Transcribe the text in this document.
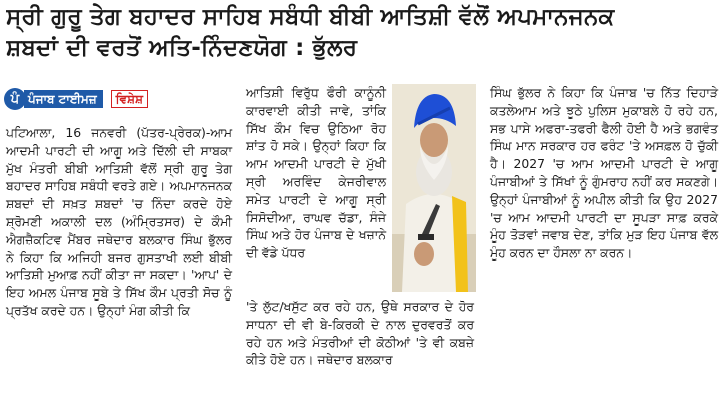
ਸ੍ਰੀ ਗੁਰੂ ਤੇਗ ਬਹਾਦਰ ਸਾਹਿਬ ਸਬੰਧੀ ਬੀਬੀ ਆਤਿਸ਼ੀ ਵੱਲੋਂ ਅਪਮਾਨਜਨਕ
ਸ਼ਬਦਾਂ ਦੀ ਵਰਤੋਂ ਅਤਿ-ਨਿੰਦਣਯੋਗ : ਭੁੱਲਰ
ਪੰ ਪੰਜਾਬ ਟਾਈਮਜ਼	ਵਿਸ਼ੇਸ਼

ਪਟਿਆਲਾ, 16 ਜਨਵਰੀ (ਪੱਤਰ-ਪ੍ਰੇਰਕ)-ਆਮ ਆਦਮੀ ਪਾਰਟੀ ਦੀ ਆਗੂ ਅਤੇ ਦਿੱਲੀ ਦੀ ਸਾਬਕਾ ਮੁੱਖ ਮੰਤਰੀ ਬੀਬੀ ਆਤਿਸ਼ੀ ਵੱਲੋਂ ਸ੍ਰੀ ਗੁਰੂ ਤੇਗ ਬਹਾਦਰ ਸਾਹਿਬ ਸਬੰਧੀ ਵਰਤੇ ਗਏ। ਅਪਮਾਨਜਨਕ ਸ਼ਬਦਾਂ ਦੀ ਸਖ਼ਤ ਸ਼ਬਦਾਂ 'ਚ ਨਿੰਦਾ ਕਰਦੇ ਹੋਏ ਸ਼੍ਰੋਮਣੀ ਅਕਾਲੀ ਦਲ (ਅੰਮ੍ਰਿਤਸਰ) ਦੇ ਕੌਮੀ ਐਗਜ਼ੈਕਟਿਵ ਮੈਂਬਰ ਜਥੇਦਾਰ ਬਲਕਾਰ ਸਿੰਘ ਭੁੱਲਰ ਨੇ ਕਿਹਾ ਕਿ ਅਜਿਹੀ ਬਜਰ ਗੁਸਤਾਖੀ ਲਈ ਬੀਬੀ ਆਤਿਸ਼ੀ ਮੁਆਫ਼ ਨਹੀਂ ਕੀਤਾ ਜਾ ਸਕਦਾ। 'ਆਪ' ਦੇ ਇਹ ਅਮਲ ਪੰਜਾਬ ਸੂਬੇ ਤੇ ਸਿੱਖ ਕੌਮ ਪ੍ਰਤੀ ਸੋਚ ਨੂੰ ਪ੍ਰਤੱਖ ਕਰਦੇ ਹਨ। ਉਨ੍ਹਾਂ ਮੰਗ ਕੀਤੀ ਕਿ

ਆਤਿਸ਼ੀ ਵਿਰੁੱਧ ਫੌਰੀ ਕਾਨੂੰਨੀ ਕਾਰਵਾਈ ਕੀਤੀ ਜਾਵੇ, ਤਾਂਕਿ ਸਿੱਖ ਕੌਮ ਵਿਚ ਉਠਿਆ ਰੋਹ ਸ਼ਾਂਤ ਹੋ ਸਕੇ। ਉਨ੍ਹਾਂ ਕਿਹਾ ਕਿ ਆਮ ਆਦਮੀ ਪਾਰਟੀ ਦੇ ਮੁੱਖੀ ਸ੍ਰੀ ਅਰਵਿੰਦ ਕੇਜਰੀਵਾਲ ਸਮੇਤ ਪਾਰਟੀ ਦੇ ਆਗੂ ਸ੍ਰੀ ਸਿਸੋਦੀਆ, ਰਾਘਵ ਚੱਡਾ, ਸੰਜੇ ਸਿੰਘ ਅਤੇ ਹੋਰ ਪੰਜਾਬ ਦੇ ਖਜ਼ਾਨੇ ਦੀ ਵੱਡੇ ਪੱਧਰ

'ਤੇ ਲੁੱਟ/ਖਸੁੱਟ ਕਰ ਰਹੇ ਹਨ, ਉਥੇ ਸਰਕਾਰ ਦੇ ਹੋਰ ਸਾਧਨਾ ਦੀ ਵੀ ਬੇ-ਕਿਰਕੀ ਦੇ ਨਾਲ ਦੁਰਵਰਤੋਂ ਕਰ ਰਹੇ ਹਨ ਅਤੇ ਮੰਤਰੀਆਂ ਦੀ ਕੋਠੀਆਂ 'ਤੇ ਵੀ ਕਬਜ਼ੇ ਕੀਤੇ ਹੋਏ ਹਨ। ਜਥੇਦਾਰ ਬਲਕਾਰ

ਸਿੰਘ ਭੁੱਲਰ ਨੇ ਕਿਹਾ ਕਿ ਪੰਜਾਬ 'ਚ ਨਿੱਤ ਦਿਹਾੜੇ ਕਤਲੇਆਮ ਅਤੇ ਝੂਠੇ ਪੁਲਿਸ ਮੁਕਾਬਲੇ ਹੋ ਰਹੇ ਹਨ, ਸਭ ਪਾਸੇ ਅਫਰਾ-ਤਫਰੀ ਫੈਲੀ ਹੋਈ ਹੈ ਅਤੇ ਭਗਵੰਤ ਸਿੰਘ ਮਾਨ ਸਰਕਾਰ ਹਰ ਫਰੰਟ 'ਤੇ ਅਸਫ਼ਲ ਹੋ ਚੁੱਕੀ ਹੈ। 2027 'ਚ ਆਮ ਆਦਮੀ ਪਾਰਟੀ ਦੇ ਆਗੂ ਪੰਜਾਬੀਆਂ ਤੇ ਸਿੱਖਾਂ ਨੂੰ ਗੁੰਮਰਾਹ ਨਹੀਂ ਕਰ ਸਕਣਗੇ। ਉਨ੍ਹਾਂ ਪੰਜਾਬੀਆਂ ਨੂੰ ਅਪੀਲ ਕੀਤੀ ਕਿ ਉਹ 2027 'ਚ ਆਮ ਆਦਮੀ ਪਾਰਟੀ ਦਾ ਸੂਪੜਾ ਸਾਫ਼ ਕਰਕੇ ਮੂੰਹ ਤੋੜਵਾਂ ਜਵਾਬ ਦੇਣ, ਤਾਂਕਿ ਮੁੜ ਇਹ ਪੰਜਾਬ ਵੱਲ ਮੂੰਹ ਕਰਨ ਦਾ ਹੌਸਲਾ ਨਾ ਕਰਨ।
